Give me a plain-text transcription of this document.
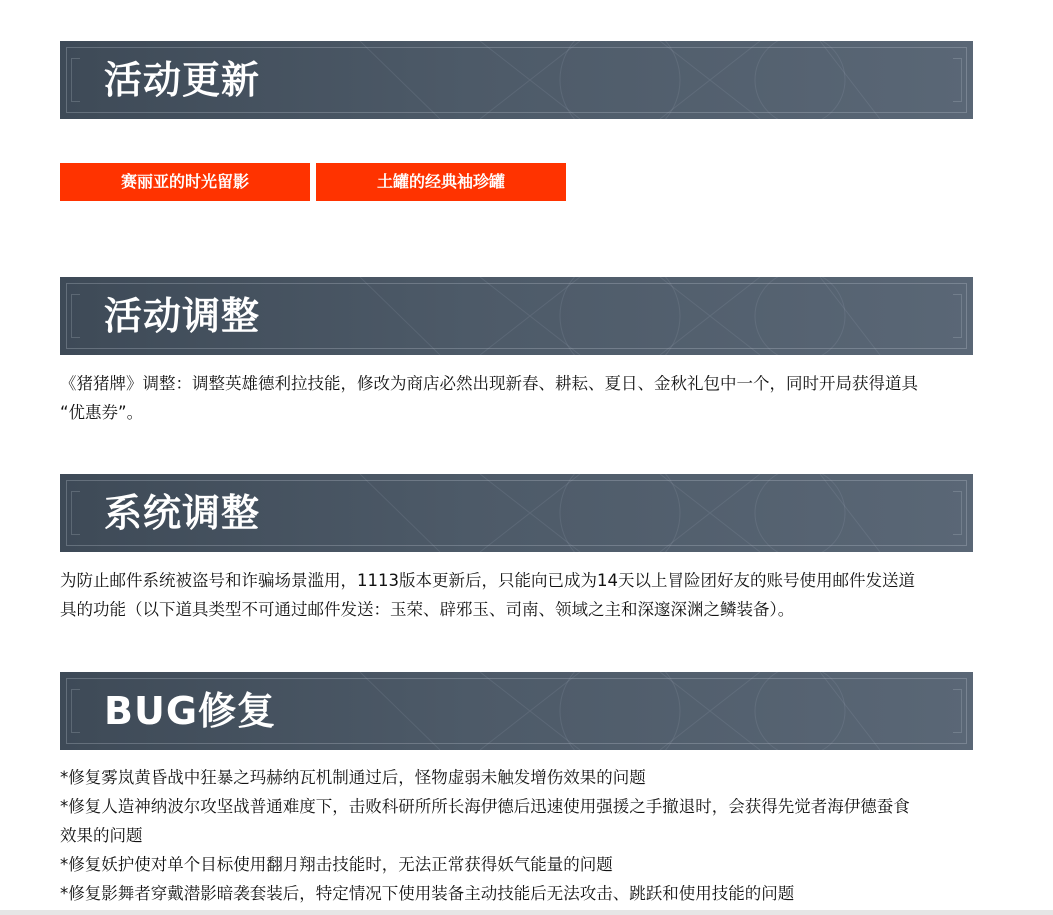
活动更新
赛丽亚的时光留影	土罐的经典袖珍罐
活动调整
《猪猪牌》调整：调整英雄德利拉技能，修改为商店必然出现新春、耕耘、夏日、金秋礼包中一个，同时开局获得道具
“优惠券”。
系统调整
为防止邮件系统被盗号和诈骗场景滥用，1113版本更新后，只能向已成为14天以上冒险团好友的账号使用邮件发送道
具的功能（以下道具类型不可通过邮件发送：玉荣、辟邪玉、司南、领域之主和深邃深渊之鳞装备）。
BUG修复
*修复雾岚黄昏战中狂暴之玛赫纳瓦机制通过后，怪物虚弱未触发增伤效果的问题
*修复人造神纳波尔攻坚战普通难度下，击败科研所所长海伊德后迅速使用强援之手撤退时，会获得先觉者海伊德蚕食
效果的问题
*修复妖护使对单个目标使用翻月翔击技能时，无法正常获得妖气能量的问题
*修复影舞者穿戴潜影暗袭套装后，特定情况下使用装备主动技能后无法攻击、跳跃和使用技能的问题
